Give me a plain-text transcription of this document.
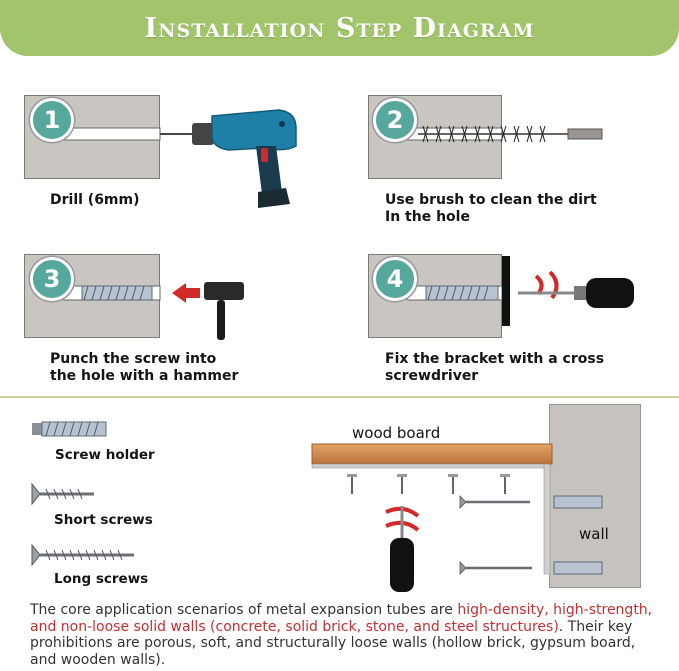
Installation Step Diagram
1
Drill (6mm)
2
Use brush to clean the dirt
In the hole
3
Punch the screw into
the hole with a hammer
4
Fix the bracket with a cross
screwdriver
Screw holder
Short screws
Long screws
wood board
wall
The core application scenarios of metal expansion tubes are high-density, high-strength, and non-loose solid walls (concrete, solid brick, stone, and steel structures). Their key prohibitions are porous, soft, and structurally loose walls (hollow brick, gypsum board, and wooden walls).
